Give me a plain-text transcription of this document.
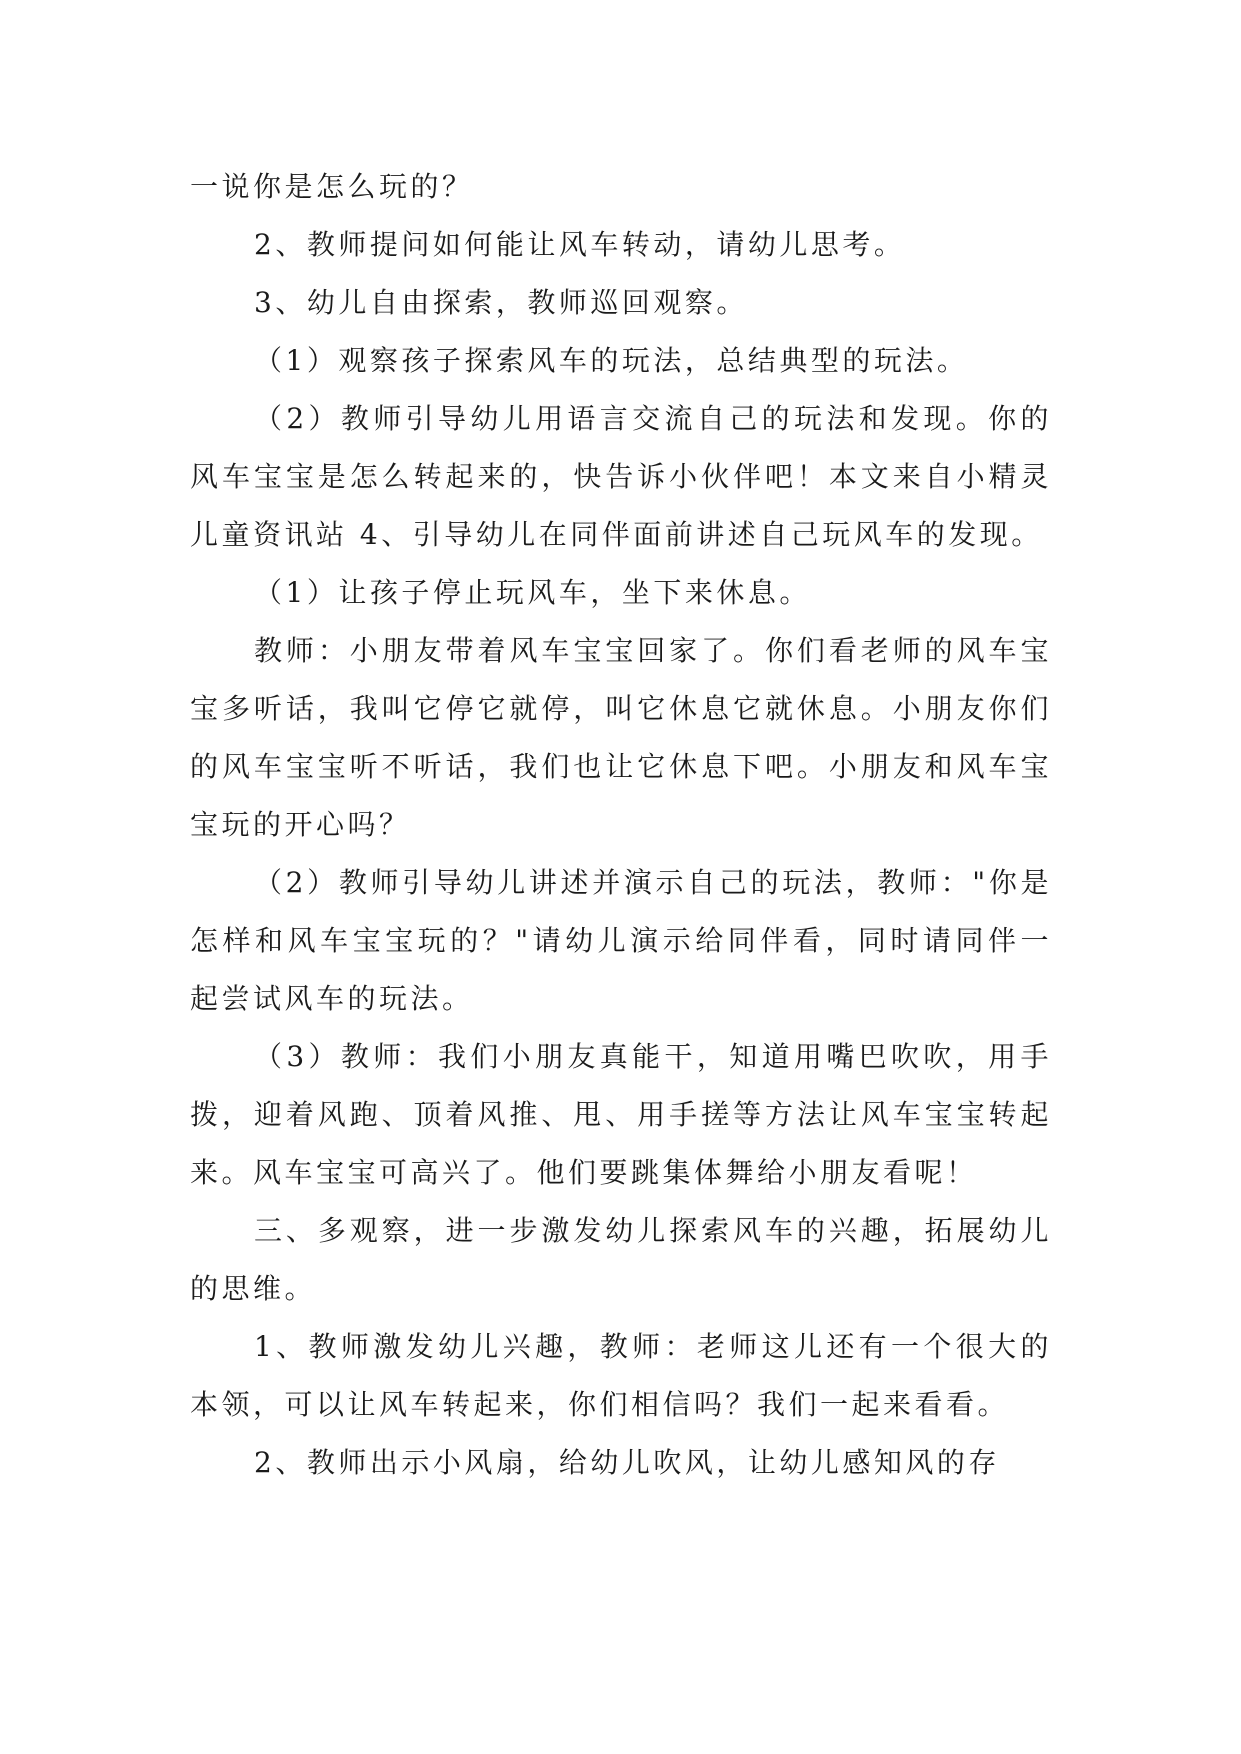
一说你是怎么玩的？

2、教师提问如何能让风车转动，请幼儿思考。

3、幼儿自由探索，教师巡回观察。

（1）观察孩子探索风车的玩法，总结典型的玩法。

（2）教师引导幼儿用语言交流自己的玩法和发现。你的风车宝宝是怎么转起来的，快告诉小伙伴吧！本文来自小精灵儿童资讯站 4、引导幼儿在同伴面前讲述自己玩风车的发现。

（1）让孩子停止玩风车，坐下来休息。

教师：小朋友带着风车宝宝回家了。你们看老师的风车宝宝多听话，我叫它停它就停，叫它休息它就休息。小朋友你们的风车宝宝听不听话，我们也让它休息下吧。小朋友和风车宝宝玩的开心吗？

（2）教师引导幼儿讲述并演示自己的玩法，教师："你是怎样和风车宝宝玩的？"请幼儿演示给同伴看，同时请同伴一起尝试风车的玩法。

（3）教师：我们小朋友真能干，知道用嘴巴吹吹，用手拨，迎着风跑、顶着风推、甩、用手搓等方法让风车宝宝转起来。风车宝宝可高兴了。他们要跳集体舞给小朋友看呢！

三、多观察，进一步激发幼儿探索风车的兴趣，拓展幼儿的思维。

1、教师激发幼儿兴趣，教师：老师这儿还有一个很大的本领，可以让风车转起来，你们相信吗？我们一起来看看。

2、教师出示小风扇，给幼儿吹风，让幼儿感知风的存
